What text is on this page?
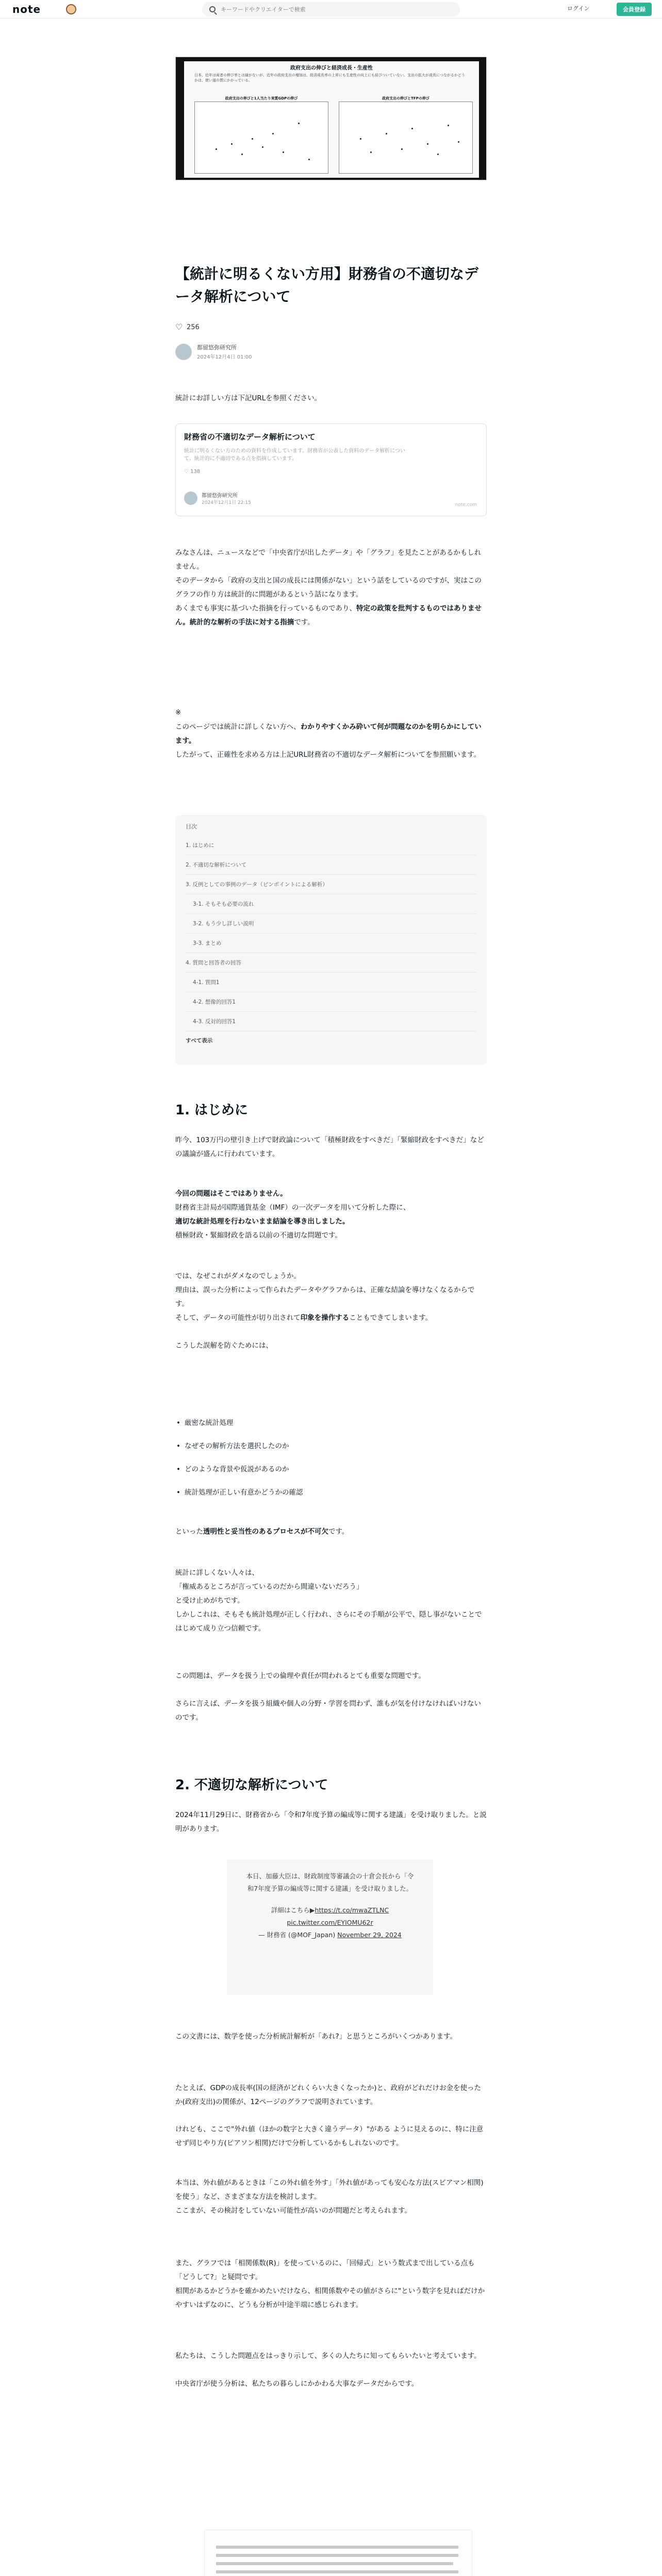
note
キーワードやクリエイターで検索	ログイン	会員登録
政府支出の伸びと経済成長・生産性
日本、近年は両者の伸び率とは縁がないが、近年の政府支出の増加は、経済成長率の上昇にも生産性の向上にも結びついていない。支出の拡大が成長につながるかどうかは、使い道の質にかかっている。
政府支出の伸びと1人当たり実質GDPの伸び	政府支出の伸びとTFPの伸び
【統計に明るくない方用】財務省の不適切なデータ解析について
♡
256
都留悠弥研究所
2024年12月4日 01:00

統計にお詳しい方は下記URLを参照ください。

財務省の不適切なデータ解析について
統計に明るくない方のための資料を作成しています。財務省が公表した資料のデータ解析について、統計的に不適切である点を指摘しています。
♡ 138
都留悠弥研究所
2024年12月1日 22:15	note.com

みなさんは、ニュースなどで「中央省庁が出したデータ」や「グラフ」を見たことがあるかもしれません。

そのデータから「政府の支出と国の成長には関係がない」という話をしているのですが、実はこのグラフの作り方は統計的に問題があるという話になります。

あくまでも事実に基づいた指摘を行っているものであり、特定の政策を批判するものではありません。統計的な解析の手法に対する指摘です。

※

このページでは統計に詳しくない方へ、わかりやすくかみ砕いて何が問題なのかを明らかにしています。

したがって、正確性を求める方は上記URL財務省の不適切なデータ解析についてを参照願います。

目次
1. はじめに
2. 不適切な解析について
3. 反例としての事例のデータ（ピンポイントによる解析）
3-1. そもそも必要の流れ
3-2. もう少し詳しい説明
3-3. まとめ
4. 質問と回答者の回答
4-1. 質問1
4-2. 想像的回答1
4-3. 反対的回答1
すべて表示
1. はじめに

昨今、103万円の壁引き上げで財政論について「積極財政をすべきだ」「緊縮財政をすべきだ」などの議論が盛んに行われています。

今回の問題はそこではありません。

財務省主計局が国際通貨基金（IMF）の一次データを用いて分析した際に、

適切な統計処理を行わないまま結論を導き出しました。

積極財政・緊縮財政を語る以前の不適切な問題です。

では、なぜこれがダメなのでしょうか。

理由は、誤った分析によって作られたデータやグラフからは、正確な結論を導けなくなるからです。

そして、データの可能性が切り出されて印象を操作することもできてしまいます。

こうした誤解を防ぐためには、

• 厳密な統計処理
• なぜその解析方法を選択したのか
• どのような背景や仮説があるのか
• 統計処理が正しい有意かどうかの確認

といった透明性と妥当性のあるプロセスが不可欠です。

統計に詳しくない人々は、

「権威あるところが言っているのだから間違いないだろう」

と受け止めがちです。

しかしこれは、そもそも統計処理が正しく行われ、さらにその手順が公平で、隠し事がないことではじめて成り立つ信頼です。

この問題は、データを扱う上での倫理や責任が問われるとても重要な問題です。

さらに言えば、データを扱う組織や個人の分野・学習を問わず、誰もが気を付けなければいけないのです。

2. 不適切な解析について

2024年11月29日に、財務省から「令和7年度予算の編成等に関する建議」を受け取りました。と説明があります。

本日、加藤大臣は、財政制度等審議会の十倉会長から「令
和7年度予算の編成等に関する建議」を受け取りました。
詳細はこちら▶https://t.co/mwaZTLNC
pic.twitter.com/EYIOMU62r
— 財務省 (@MOF_Japan) November 29, 2024

この文書には、数学を使った分析統計解析が「あれ?」と思うところがいくつかあります。

たとえば、GDPの成長率(国の経済がどれくらい大きくなったか)と、政府がどれだけお金を使ったか(政府支出)の関係が、12ページのグラフで説明されています。

けれども、ここで"外れ値（ほかの数字と大きく違うデータ）"がある ように見えるのに、特に注意せず同じやり方(ピアソン相関)だけで分析しているかもしれないのです。

本当は、外れ値があるときは「この外れ値を外す」「外れ値があっても安心な方法(スピアマン相関)を使う」など、さまざまな方法を検討します。

ここまが、その検討をしていない可能性が高いのが問題だと考えられます。

また、グラフでは「相関係数(R)」を使っているのに、「回帰式」という数式まで出している点も「どうして?」と疑問です。

相関があるかどうかを確かめたいだけなら、相関係数やその値がさらに"という数字を見ればだけかやすいはずなのに、どうも分析が中途半端に感じられます。

私たちは、こうした問題点をはっきり示して、多くの人たちに知ってもらいたいと考えています。

中央省庁が使う分析は、私たちの暮らしにかかわる大事なデータだからです。
